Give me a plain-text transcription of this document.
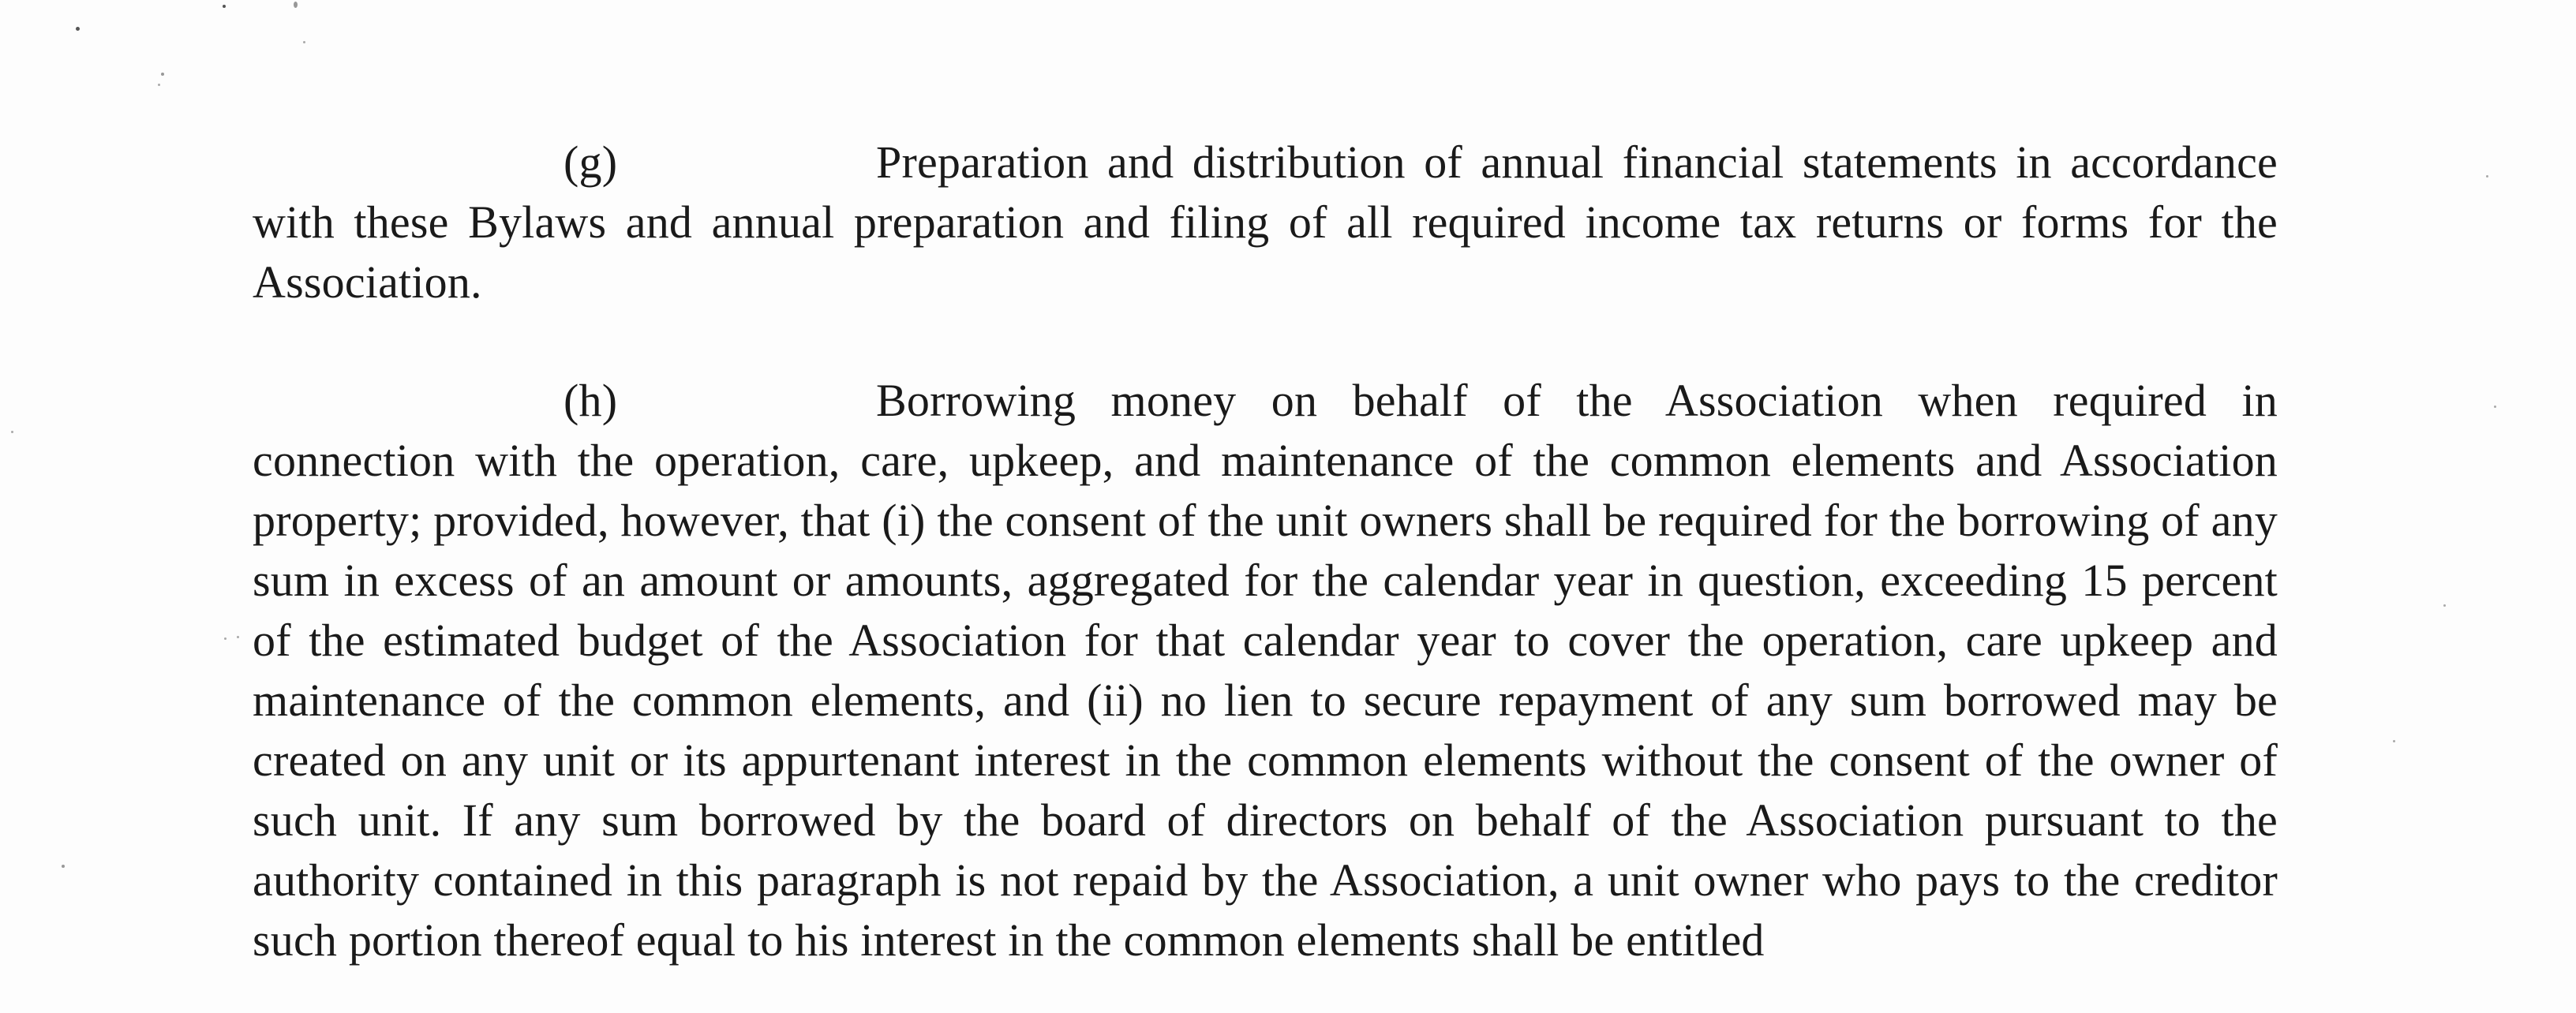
(g)	Preparation and distribution of annual financial statements in accordance with these Bylaws and annual preparation and filing of all required income tax returns or forms for the Association.

(h)	Borrowing money on behalf of the Association when required in connection with the operation, care, upkeep, and maintenance of the common elements and Association property; provided, however, that (i) the consent of the unit owners shall be required for the borrowing of any sum in excess of an amount or amounts, aggregated for the calendar year in question, exceeding 15 percent of the estimated budget of the Association for that calendar year to cover the operation, care upkeep and maintenance of the common elements, and (ii) no lien to secure repayment of any sum borrowed may be created on any unit or its appurtenant interest in the common elements without the consent of the owner of such unit. If any sum borrowed by the board of directors on behalf of the Association pursuant to the authority contained in this paragraph is not repaid by the Association, a unit owner who pays to the creditor such portion thereof equal to his interest in the common elements shall be entitled
